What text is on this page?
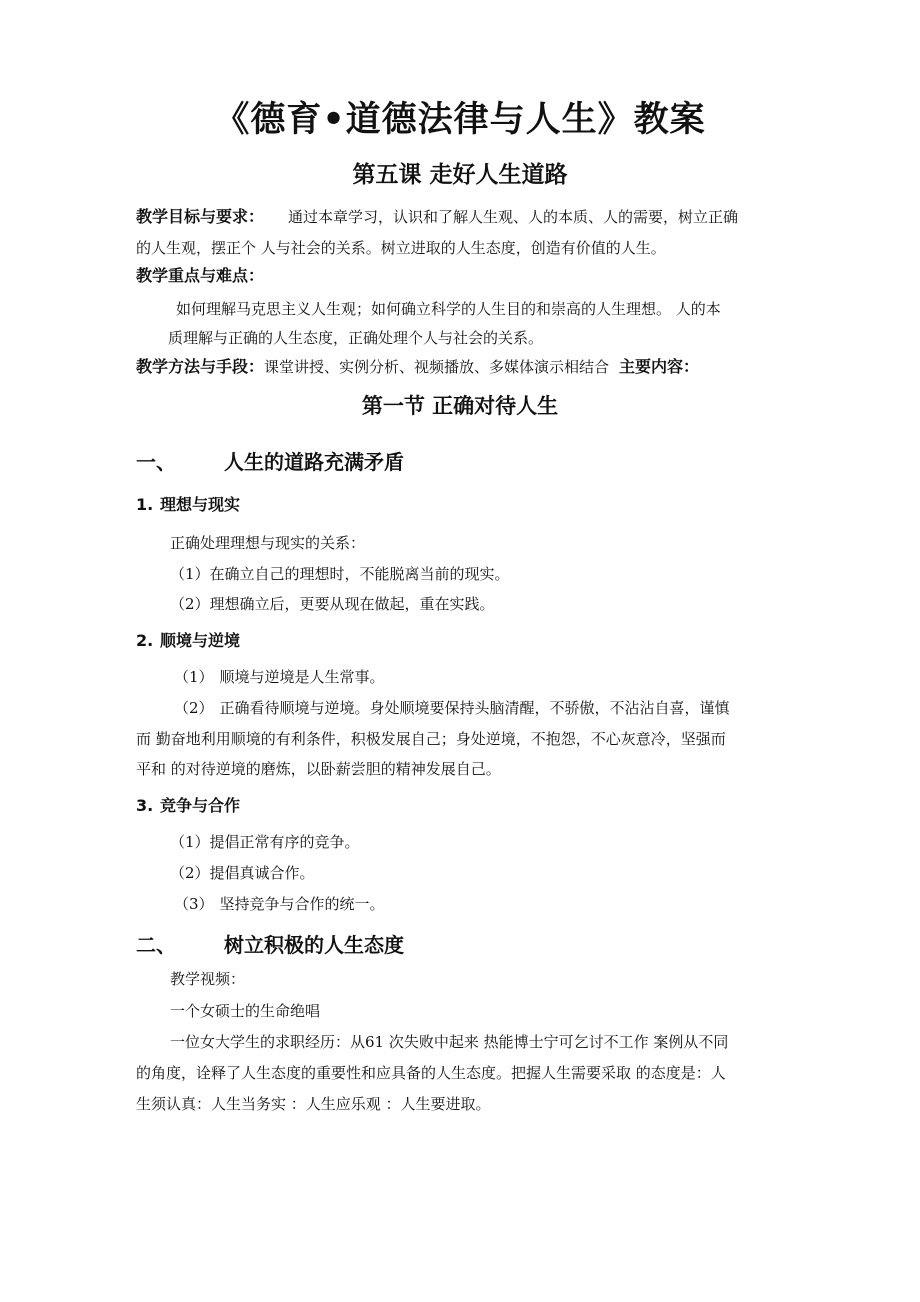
《德育•道德法律与人生》教案
第五课 走好人生道路
教学目标与要求： 通过本章学习，认识和了解人生观、人的本质、人的需要，树立正确
的人生观，摆正个 人与社会的关系。树立进取的人生态度，创造有价值的人生。
教学重点与难点：
如何理解马克思主义人生观；如何确立科学的人生目的和崇高的人生理想。 人的本
质理解与正确的人生态度，正确处理个人与社会的关系。
教学方法与手段：课堂讲授、实例分析、视频播放、多媒体演示相结合 主要内容：
第一节 正确对待人生
一、 人生的道路充满矛盾
1. 理想与现实
正确处理理想与现实的关系：
（1）在确立自己的理想时，不能脱离当前的现实。
（2）理想确立后，更要从现在做起，重在实践。
2. 顺境与逆境
（1） 顺境与逆境是人生常事。
（2） 正确看待顺境与逆境。身处顺境要保持头脑清醒，不骄傲，不沾沾自喜，谨慎
而 勤奋地利用顺境的有利条件，积极发展自己；身处逆境，不抱怨，不心灰意冷，坚强而
平和 的对待逆境的磨炼，以卧薪尝胆的精神发展自己。
3. 竞争与合作
（1）提倡正常有序的竞争。
（2）提倡真诚合作。
（3） 坚持竞争与合作的统一。
二、 树立积极的人生态度
教学视频：
一个女硕士的生命绝唱
一位女大学生的求职经历：从61 次失败中起来 热能博士宁可乞讨不工作 案例从不同
的角度，诠释了人生态度的重要性和应具备的人生态度。把握人生需要采取 的态度是：人
生须认真：人生当务实 ：人生应乐观 ：人生要进取。
